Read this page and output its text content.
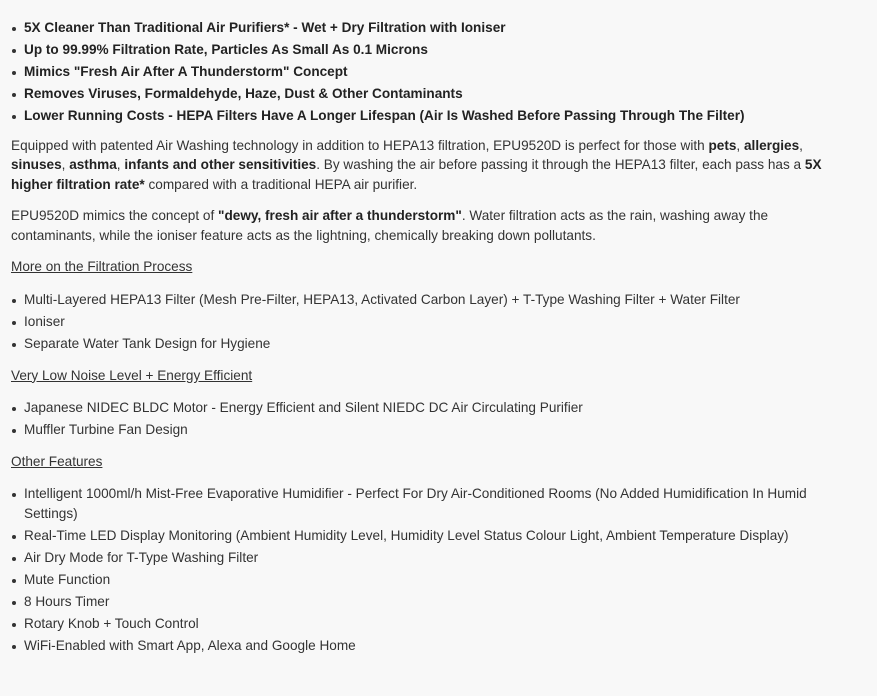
5X Cleaner Than Traditional Air Purifiers* - Wet + Dry Filtration with Ioniser
Up to 99.99% Filtration Rate, Particles As Small As 0.1 Microns
Mimics "Fresh Air After A Thunderstorm" Concept
Removes Viruses, Formaldehyde, Haze, Dust & Other Contaminants
Lower Running Costs - HEPA Filters Have A Longer Lifespan (Air Is Washed Before Passing Through The Filter)

Equipped with patented Air Washing technology in addition to HEPA13 filtration, EPU9520D is perfect for those with pets, allergies, sinuses, asthma, infants and other sensitivities. By washing the air before passing it through the HEPA13 filter, each pass has a 5X higher filtration rate* compared with a traditional HEPA air purifier.

EPU9520D mimics the concept of "dewy, fresh air after a thunderstorm". Water filtration acts as the rain, washing away the contaminants, while the ioniser feature acts as the lightning, chemically breaking down pollutants.

More on the Filtration Process

Multi-Layered HEPA13 Filter (Mesh Pre-Filter, HEPA13, Activated Carbon Layer) + T-Type Washing Filter + Water Filter
Ioniser
Separate Water Tank Design for Hygiene

Very Low Noise Level + Energy Efficient

Japanese NIDEC BLDC Motor - Energy Efficient and Silent NIEDC DC Air Circulating Purifier
Muffler Turbine Fan Design

Other Features

Intelligent 1000ml/h Mist-Free Evaporative Humidifier - Perfect For Dry Air-Conditioned Rooms (No Added Humidification In Humid Settings)
Real-Time LED Display Monitoring (Ambient Humidity Level, Humidity Level Status Colour Light, Ambient Temperature Display)
Air Dry Mode for T-Type Washing Filter
Mute Function
8 Hours Timer
Rotary Knob + Touch Control
WiFi-Enabled with Smart App, Alexa and Google Home
